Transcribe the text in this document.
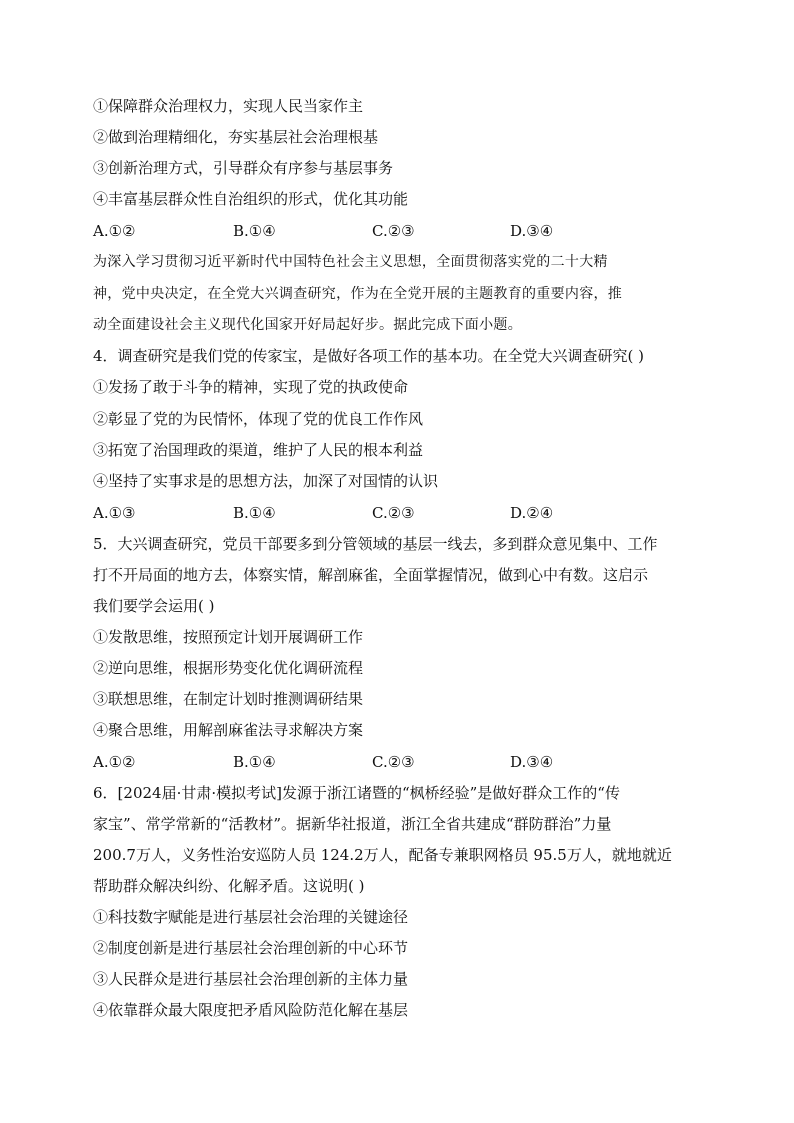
①保障群众治理权力，实现人民当家作主
②做到治理精细化，夯实基层社会治理根基
③创新治理方式，引导群众有序参与基层事务
④丰富基层群众性自治组织的形式，优化其功能
A.①②	B.①④	C.②③	D.③④
为深入学习贯彻习近平新时代中国特色社会主义思想，全面贯彻落实党的二十大精
神，党中央决定，在全党大兴调查研究，作为在全党开展的主题教育的重要内容，推
动全面建设社会主义现代化国家开好局起好步。据此完成下面小题。
4．调查研究是我们党的传家宝，是做好各项工作的基本功。在全党大兴调查研究( )
①发扬了敢于斗争的精神，实现了党的执政使命
②彰显了党的为民情怀，体现了党的优良工作作风
③拓宽了治国理政的渠道，维护了人民的根本利益
④坚持了实事求是的思想方法，加深了对国情的认识
A.①③	B.①④	C.②③	D.②④
5．大兴调查研究，党员干部要多到分管领域的基层一线去，多到群众意见集中、工作
打不开局面的地方去，体察实情，解剖麻雀，全面掌握情况，做到心中有数。这启示
我们要学会运用( )
①发散思维，按照预定计划开展调研工作
②逆向思维，根据形势变化优化调研流程
③联想思维，在制定计划时推测调研结果
④聚合思维，用解剖麻雀法寻求解决方案
A.①②	B.①④	C.②③	D.③④
6．[2024届·甘肃·模拟考试]发源于浙江诸暨的“枫桥经验”是做好群众工作的“传
家宝”、常学常新的“活教材”。据新华社报道，浙江全省共建成“群防群治”力量
200.7万人，义务性治安巡防人员 124.2万人，配备专兼职网格员 95.5万人，就地就近
帮助群众解决纠纷、化解矛盾。这说明( )
①科技数字赋能是进行基层社会治理的关键途径
②制度创新是进行基层社会治理创新的中心环节
③人民群众是进行基层社会治理创新的主体力量
④依靠群众最大限度把矛盾风险防范化解在基层
